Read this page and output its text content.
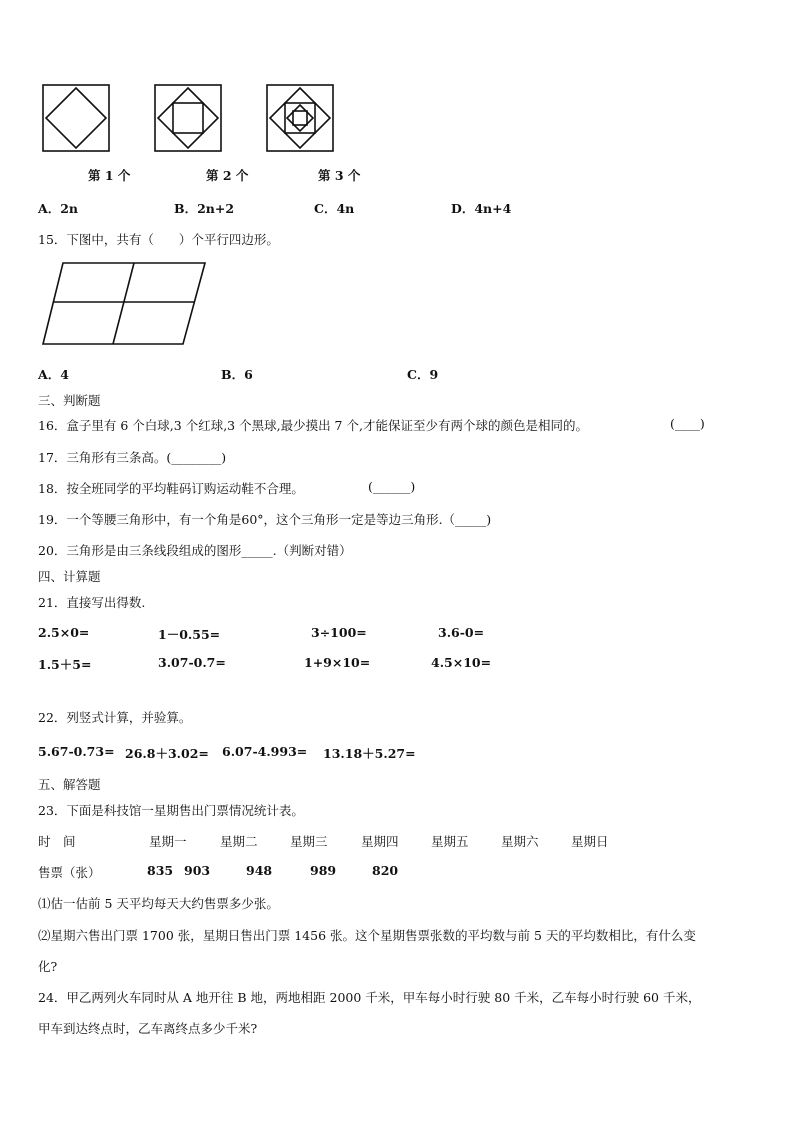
第 1 个	第 2 个	第 3 个
A．2n	B．2n+2	C．4n	D．4n+4
15．下图中，共有（　　）个平行四边形。
A．4	B．6	C．9
三、判断题
16．盒子里有 6 个白球,3 个红球,3 个黑球,最少摸出 7 个,才能保证至少有两个球的颜色是相同的。	(____)
17．三角形有三条高。(________)
18．按全班同学的平均鞋码订购运动鞋不合理。	(______)
19．一个等腰三角形中，有一个角是60°，这个三角形一定是等边三角形.（_____)
20．三角形是由三条线段组成的图形_____.（判断对错）
四、计算题
21．直接写出得数.
2.5×0=	1－0.55=	3÷100=	3.6-0=
1.5＋5=	3.07-0.7=	1+9×10=	4.5×10=
22．列竖式计算，并验算。
5.67-0.73= 26.8＋3.02= 6.07-4.993= 13.18＋5.27=
五、解答题
23．下面是科技馆一星期售出门票情况统计表。
时　间	星期一	星期二	星期三	星期四	星期五	星期六	星期日
售票（张）	835 903	948	989	820
⑴估一估前 5 天平均每天大约售票多少张。
⑵星期六售出门票 1700 张，星期日售出门票 1456 张。这个星期售票张数的平均数与前 5 天的平均数相比，有什么变
化?
24．甲乙两列火车同时从 A 地开往 B 地，两地相距 2000 千米，甲车每小时行驶 80 千米，乙车每小时行驶 60 千米，
甲车到达终点时，乙车离终点多少千米?
